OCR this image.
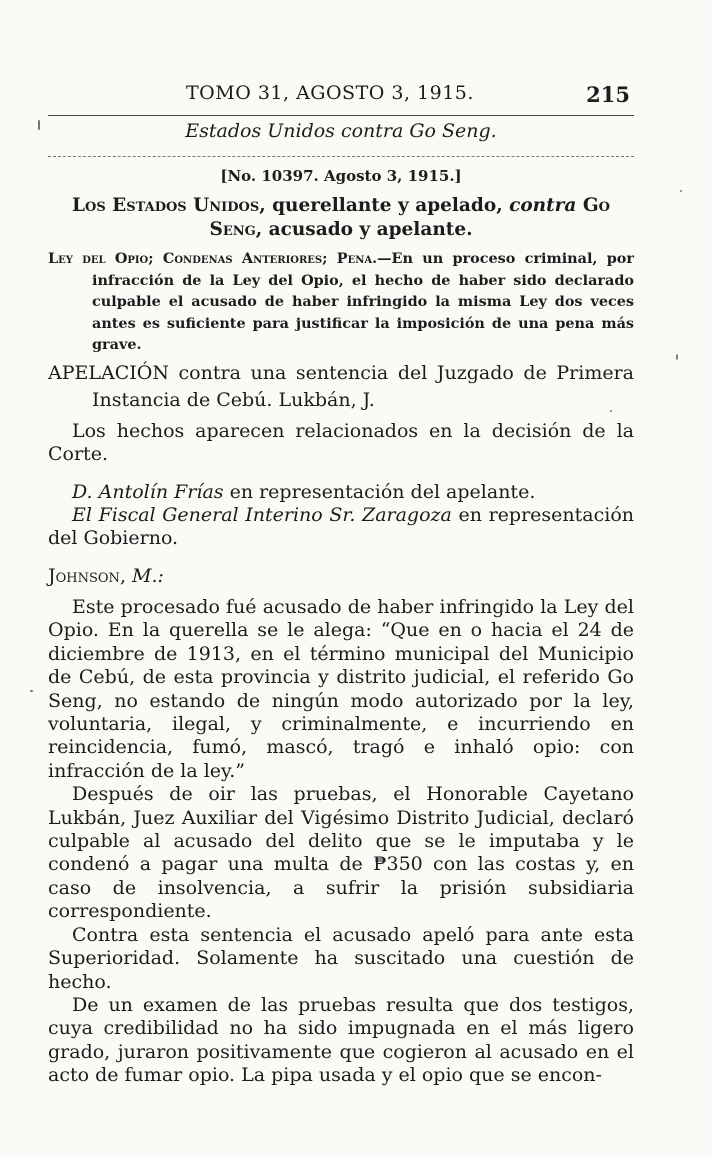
TOMO 31, AGOSTO 3, 1915.	215
Estados Unidos contra Go Seng.
[No. 10397. Agosto 3, 1915.]
Los Estados Unidos, querellante y apelado, contra Go Seng, acusado y apelante.
Ley del Opio; Condenas Anteriores; Pena.—En un proceso criminal, por infracción de la Ley del Opio, el hecho de haber sido declarado culpable el acusado de haber infringido la misma Ley dos veces antes es suficiente para justificar la imposición de una pena más grave.
APELACIÓN contra una sentencia del Juzgado de Primera Instancia de Cebú. Lukbán, J.
Los hechos aparecen relacionados en la decisión de la Corte.
D. Antolín Frías en representación del apelante.
El Fiscal General Interino Sr. Zaragoza en representación del Gobierno.
Johnson, M.:

Este procesado fué acusado de haber infringido la Ley del Opio. En la querella se le alega: “Que en o hacia el 24 de diciembre de 1913, en el término municipal del Municipio de Cebú, de esta provincia y distrito judicial, el referido Go Seng, no estando de ningún modo autorizado por la ley, voluntaria, ilegal, y criminalmente, e incurriendo en reincidencia, fumó, mascó, tragó e inhaló opio: con infracción de la ley.”

Después de oir las pruebas, el Honorable Cayetano Lukbán, Juez Auxiliar del Vigésimo Distrito Judicial, declaró culpable al acusado del delito que se le imputaba y le condenó a pagar una multa de ₱350 con las costas y, en caso de insolvencia, a sufrir la prisión subsidiaria correspondiente.

Contra esta sentencia el acusado apeló para ante esta Superioridad. Solamente ha suscitado una cuestión de hecho.

De un examen de las pruebas resulta que dos testigos, cuya credibilidad no ha sido impugnada en el más ligero grado, juraron positivamente que cogieron al acusado en el acto de fumar opio. La pipa usada y el opio que se encon-
